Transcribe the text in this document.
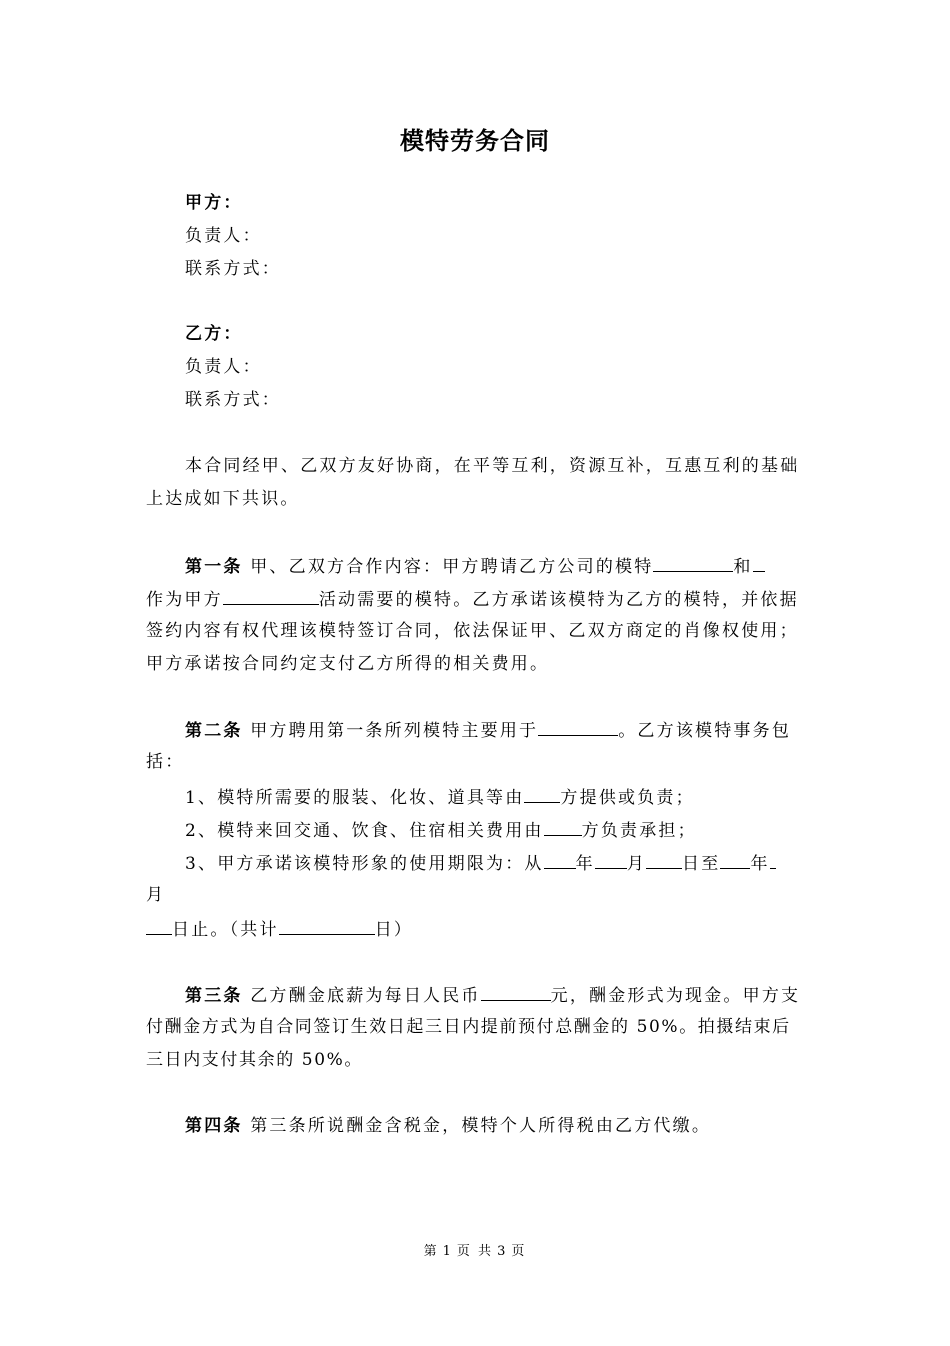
模特劳务合同
甲方：
负责人：
联系方式：
乙方：
负责人：
联系方式：
本合同经甲、乙双方友好协商，在平等互利，资源互补，互惠互利的基础
上达成如下共识。
第一条 甲、乙双方合作内容：甲方聘请乙方公司的模特	和
作为甲方	活动需要的模特。乙方承诺该模特为乙方的模特，并依据
签约内容有权代理该模特签订合同，依法保证甲、乙双方商定的肖像权使用；
甲方承诺按合同约定支付乙方所得的相关费用。
第二条 甲方聘用第一条所列模特主要用于	。乙方该模特事务包
括：
1、模特所需要的服装、化妆、道具等由 方提供或负责；
2、模特来回交通、饮食、住宿相关费用由 方负责承担；
3、甲方承诺该模特形象的使用期限为：从 年 月 日至 年
月
日止。（共计	日）
第三条 乙方酬金底薪为每日人民币	元，酬金形式为现金。甲方支
付酬金方式为自合同签订生效日起三日内提前预付总酬金的 50%。拍摄结束后
三日内支付其余的 50%。
第四条 第三条所说酬金含税金，模特个人所得税由乙方代缴。
第 1 页 共 3 页
